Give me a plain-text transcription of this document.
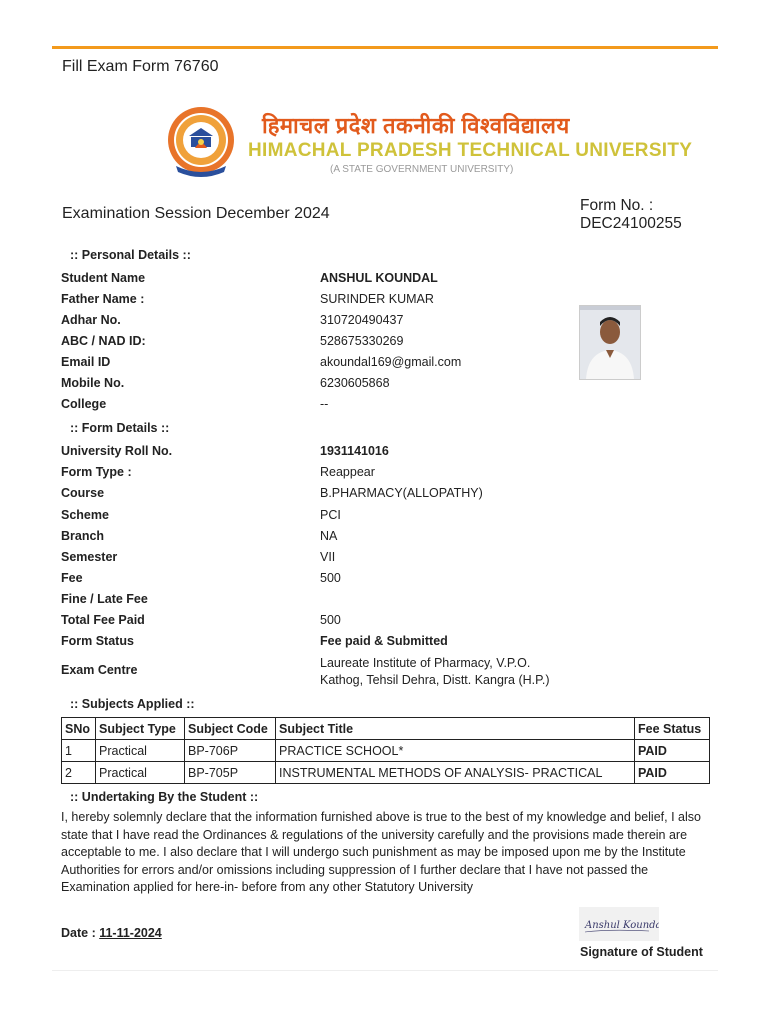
Fill Exam Form 76760
हिमाचल प्रदेश तकनीकी विश्वविद्यालय
HIMACHAL PRADESH TECHNICAL UNIVERSITY
(A STATE GOVERNMENT UNIVERSITY)
Examination Session December 2024	Form No. :
DEC24100255
:: Personal Details ::
Student Name	ANSHUL KOUNDAL
Father Name :	SURINDER KUMAR
Adhar No.	310720490437
ABC / NAD ID:	528675330269
Email ID	akoundal169@gmail.com
Mobile No.	6230605868
College	--
:: Form Details ::
University Roll No.	1931141016
Form Type :	Reappear
Course	B.PHARMACY(ALLOPATHY)
Scheme	PCI
Branch	NA
Semester	VII
Fee	500
Fine / Late Fee
Total Fee Paid	500
Form Status	Fee paid & Submitted
Exam Centre	Laureate Institute of Pharmacy, V.P.O.
Kathog, Tehsil Dehra, Distt. Kangra (H.P.)
:: Subjects Applied ::
SNo	Subject Type	Subject Code	Subject Title	Fee Status
1	Practical	BP-706P	PRACTICE SCHOOL*	PAID
2	Practical	BP-705P	INSTRUMENTAL METHODS OF ANALYSIS- PRACTICAL	PAID
:: Undertaking By the Student ::
I, hereby solemnly declare that the information furnished above is true to the best of my knowledge and belief, I also state that I have read the Ordinances & regulations of the university carefully and the provisions made therein are acceptable to me. I also declare that I will undergo such punishment as may be imposed upon me by the Institute Authorities for errors and/or omissions including suppression of I further declare that I have not passed the Examination applied for here-in- before from any other Statutory University
Date : 11-11-2024
Anshul Koundal
Signature of Student
